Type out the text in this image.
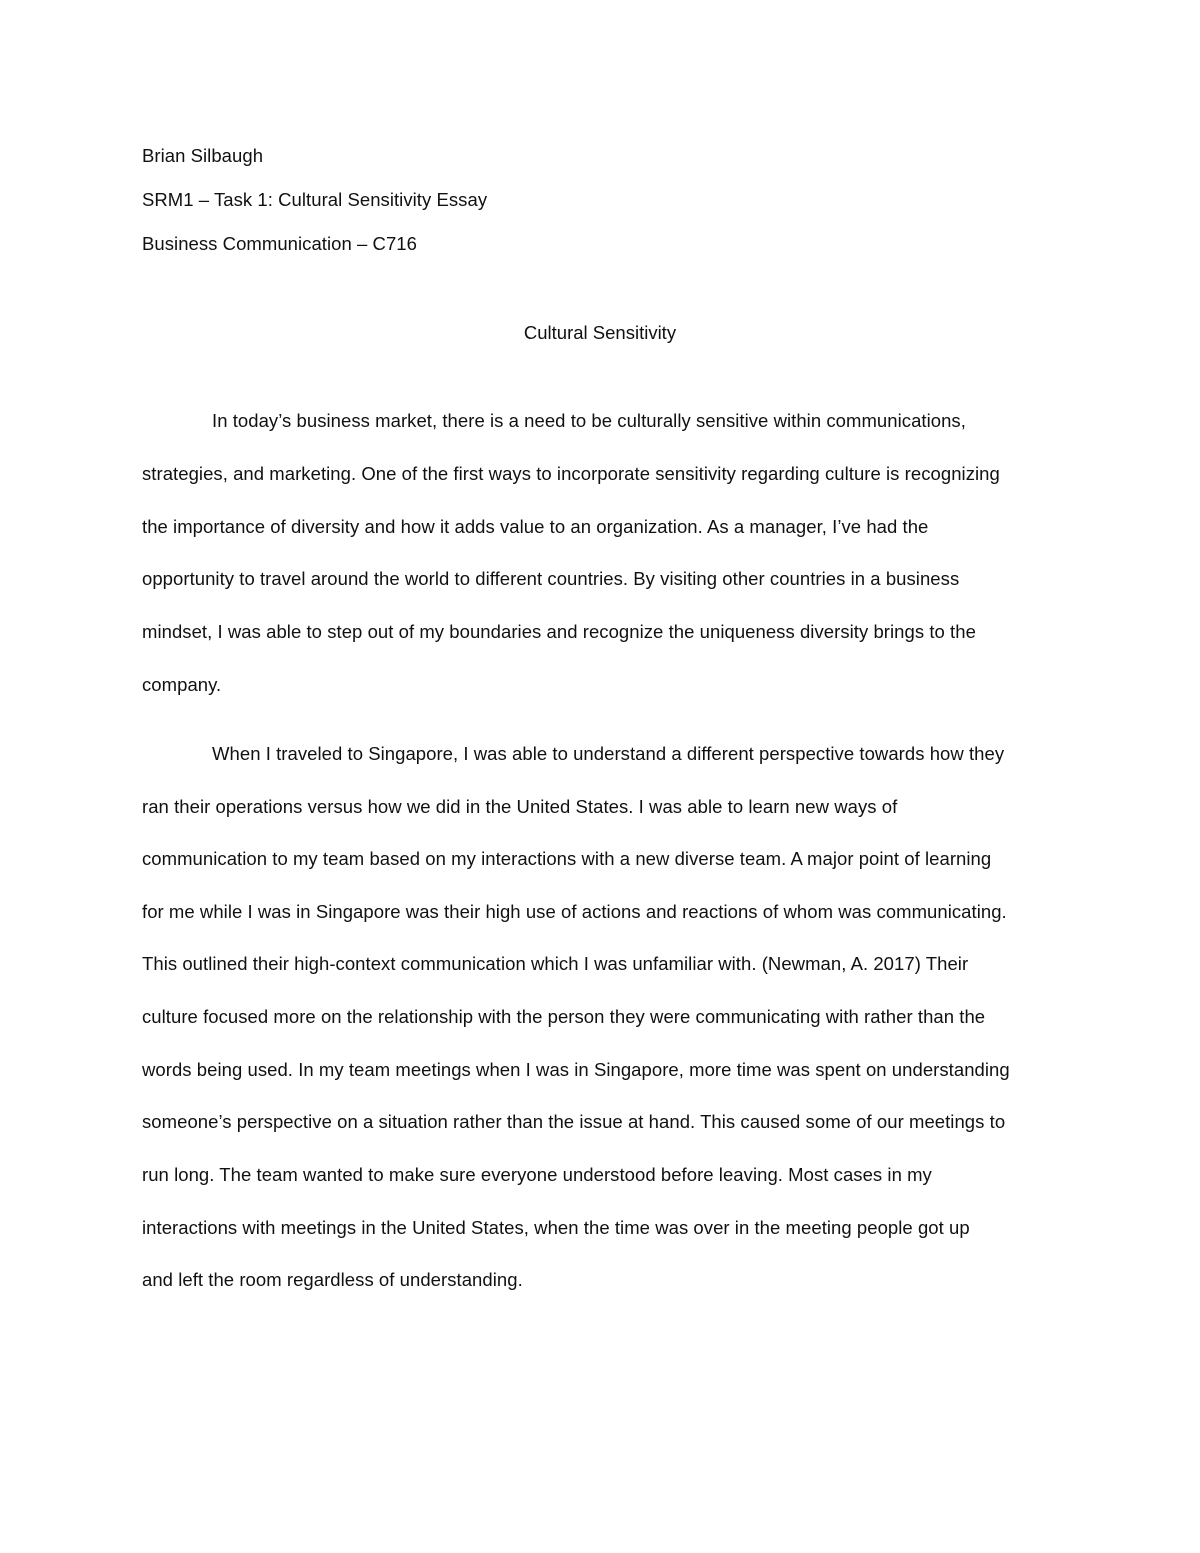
Brian Silbaugh
SRM1 – Task 1: Cultural Sensitivity Essay
Business Communication – C716
Cultural Sensitivity
In today’s business market, there is a need to be culturally sensitive within communications,
strategies, and marketing. One of the first ways to incorporate sensitivity regarding culture is recognizing
the importance of diversity and how it adds value to an organization. As a manager, I’ve had the
opportunity to travel around the world to different countries. By visiting other countries in a business
mindset, I was able to step out of my boundaries and recognize the uniqueness diversity brings to the
company.
When I traveled to Singapore, I was able to understand a different perspective towards how they
ran their operations versus how we did in the United States. I was able to learn new ways of
communication to my team based on my interactions with a new diverse team. A major point of learning
for me while I was in Singapore was their high use of actions and reactions of whom was communicating.
This outlined their high-context communication which I was unfamiliar with. (Newman, A. 2017) Their
culture focused more on the relationship with the person they were communicating with rather than the
words being used. In my team meetings when I was in Singapore, more time was spent on understanding
someone’s perspective on a situation rather than the issue at hand. This caused some of our meetings to
run long. The team wanted to make sure everyone understood before leaving. Most cases in my
interactions with meetings in the United States, when the time was over in the meeting people got up
and left the room regardless of understanding.
